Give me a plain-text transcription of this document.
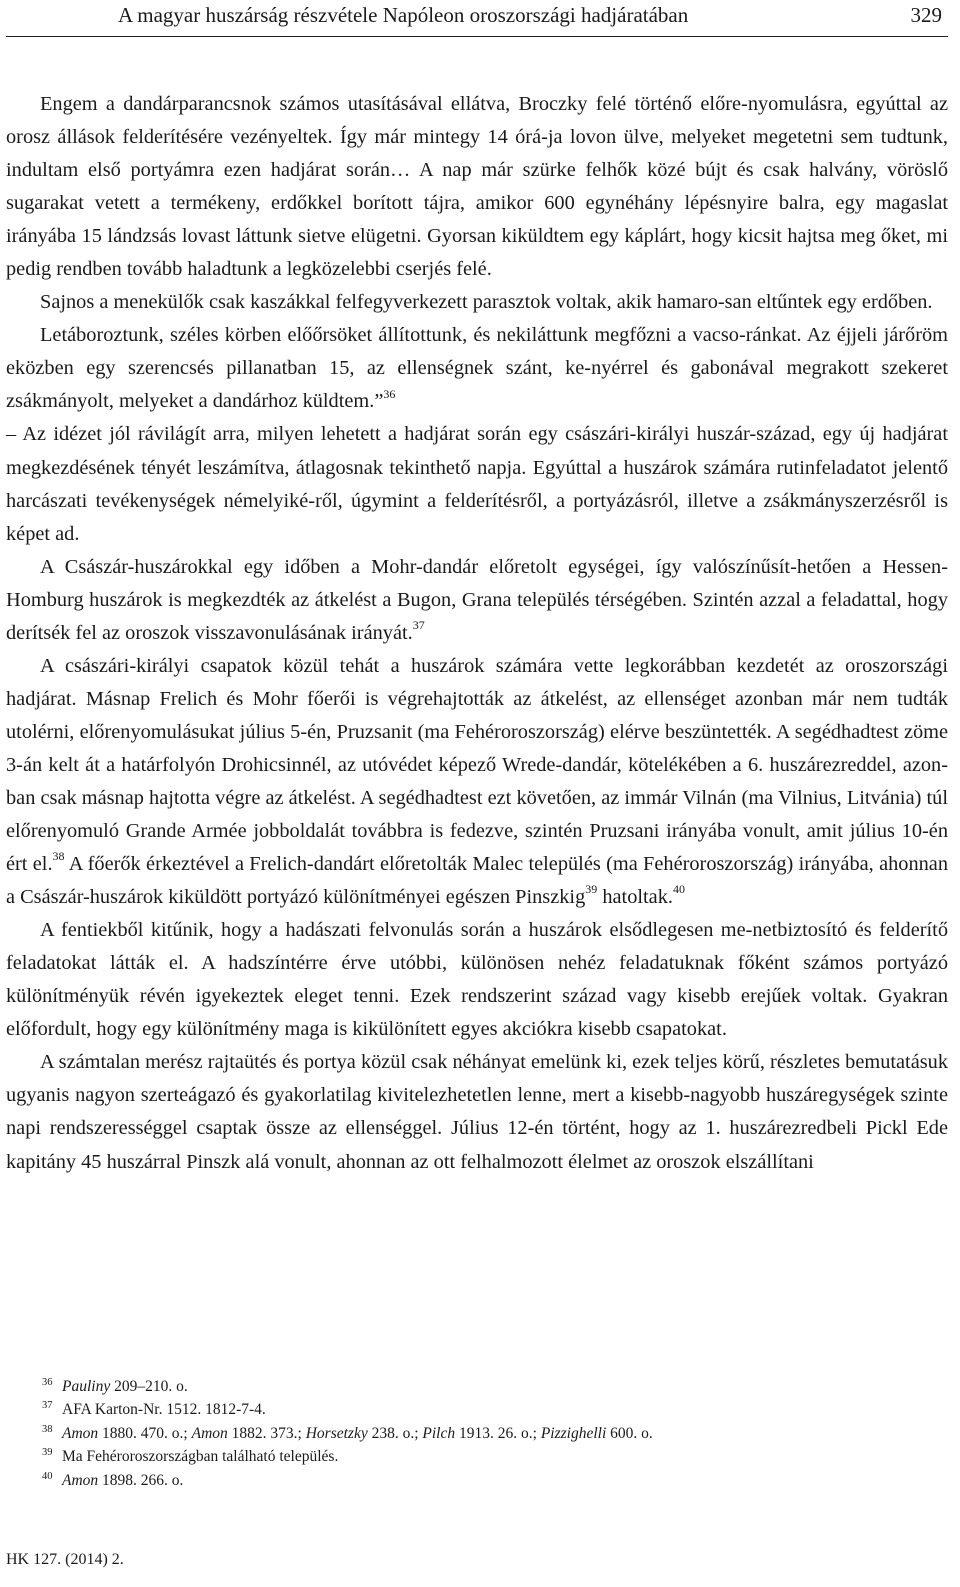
A magyar huszárság részvétele Napóleon oroszországi hadjáratában	329

Engem a dandárparancsnok számos utasításával ellátva, Broczky felé történő előre-nyomulásra, egyúttal az orosz állások felderítésére vezényeltek. Így már mintegy 14 órá-ja lovon ülve, melyeket megetetni sem tudtunk, indultam első portyámra ezen hadjárat során… A nap már szürke felhők közé bújt és csak halvány, vöröslő sugarakat vetett a termékeny, erdőkkel borított tájra, amikor 600 egynéhány lépésnyire balra, egy magaslat irányába 15 lándzsás lovast láttunk sietve elügetni. Gyorsan kiküldtem egy káplárt, hogy kicsit hajtsa meg őket, mi pedig rendben tovább haladtunk a legközelebbi cserjés felé.

Sajnos a menekülők csak kaszákkal felfegyverkezett parasztok voltak, akik hamaro-san eltűntek egy erdőben.

Letáboroztunk, széles körben előőrsöket állítottunk, és nekiláttunk megfőzni a vacso-ránkat. Az éjjeli járőröm eközben egy szerencsés pillanatban 15, az ellenségnek szánt, ke-nyérrel és gabonával megrakott szekeret zsákmányolt, melyeket a dandárhoz küldtem.”$^{36}$

– Az idézet jól rávilágít arra, milyen lehetett a hadjárat során egy császári-királyi huszár-század, egy új hadjárat megkezdésének tényét leszámítva, átlagosnak tekinthető napja. Egyúttal a huszárok számára rutinfeladatot jelentő harcászati tevékenységek némelyiké-ről, úgymint a felderítésről, a portyázásról, illetve a zsákmányszerzésről is képet ad.

A Császár-huszárokkal egy időben a Mohr-dandár előretolt egységei, így valószínűsít-hetően a Hessen-Homburg huszárok is megkezdték az átkelést a Bugon, Grana település térségében. Szintén azzal a feladattal, hogy derítsék fel az oroszok visszavonulásának irányát.$^{37}$

A császári-királyi csapatok közül tehát a huszárok számára vette legkorábban kezdetét az oroszországi hadjárat. Másnap Frelich és Mohr főerői is végrehajtották az átkelést, az ellenséget azonban már nem tudták utolérni, előrenyomulásukat július 5-én, Pruzsanit (ma Fehéroroszország) elérve beszüntették. A segédhadtest zöme 3-án kelt át a határfolyón Drohicsinnél, az utóvédet képező Wrede-dandár, kötelékében a 6. huszárezreddel, azon-ban csak másnap hajtotta végre az átkelést. A segédhadtest ezt követően, az immár Vilnán (ma Vilnius, Litvánia) túl előrenyomuló Grande Armée jobboldalát továbbra is fedezve, szintén Pruzsani irányába vonult, amit július 10-én ért el.$^{38}$ A főerők érkeztével a Frelich-dandárt előretolták Malec település (ma Fehéroroszország) irányába, ahonnan a Császár-huszárok kiküldött portyázó különítményei egészen Pinszkig$^{39}$ hatoltak.$^{40}$

A fentiekből kitűnik, hogy a hadászati felvonulás során a huszárok elsődlegesen me-netbiztosító és felderítő feladatokat látták el. A hadszíntérre érve utóbbi, különösen nehéz feladatuknak főként számos portyázó különítményük révén igyekeztek eleget tenni. Ezek rendszerint század vagy kisebb erejűek voltak. Gyakran előfordult, hogy egy különítmény maga is kikülönített egyes akciókra kisebb csapatokat.

A számtalan merész rajtaütés és portya közül csak néhányat emelünk ki, ezek teljes körű, részletes bemutatásuk ugyanis nagyon szerteágazó és gyakorlatilag kivitelezhetetlen lenne, mert a kisebb-nagyobb huszáregységek szinte napi rendszerességgel csaptak össze az ellenséggel. Július 12-én történt, hogy az 1. huszárezredbeli Pickl Ede kapitány 45 huszárral Pinszk alá vonult, ahonnan az ott felhalmozott élelmet az oroszok elszállítani

36 Pauliny 209–210. o.
37 AFA Karton-Nr. 1512. 1812-7-4.
38 Amon 1880. 470. o.; Amon 1882. 373.; Horsetzky 238. o.; Pilch 1913. 26. o.; Pizzighelli 600. o.
39 Ma Fehéroroszországban található település.
40 Amon 1898. 266. o.
HK 127. (2014) 2.
